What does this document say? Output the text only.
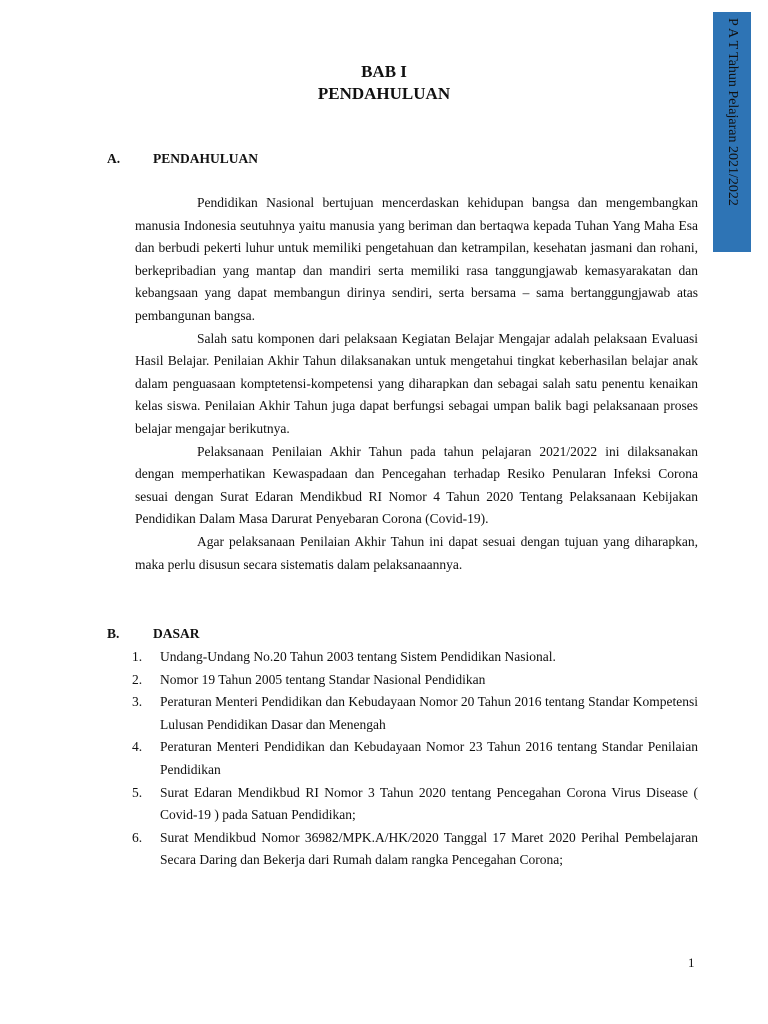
P A T Tahun Pelajaran 2021/2022
BAB I
PENDAHULUAN
A. PENDAHULUAN

Pendidikan Nasional bertujuan mencerdaskan kehidupan bangsa dan mengembangkan manusia Indonesia seutuhnya yaitu manusia yang beriman dan bertaqwa kepada Tuhan Yang Maha Esa dan berbudi pekerti luhur untuk memiliki pengetahuan dan ketrampilan, kesehatan jasmani dan rohani, berkepribadian yang mantap dan mandiri serta memiliki rasa tanggungjawab kemasyarakatan dan kebangsaan yang dapat membangun dirinya sendiri, serta bersama – sama bertanggungjawab atas pembangunan bangsa.

Salah satu komponen dari pelaksaan Kegiatan Belajar Mengajar adalah pelaksaan Evaluasi Hasil Belajar. Penilaian Akhir Tahun dilaksanakan untuk mengetahui tingkat keberhasilan belajar anak dalam penguasaan komptetensi-kompetensi yang diharapkan dan sebagai salah satu penentu kenaikan kelas siswa. Penilaian Akhir Tahun juga dapat berfungsi sebagai umpan balik bagi pelaksanaan proses belajar mengajar berikutnya.

Pelaksanaan Penilaian Akhir Tahun pada tahun pelajaran 2021/2022 ini dilaksanakan dengan memperhatikan Kewaspadaan dan Pencegahan terhadap Resiko Penularan Infeksi Corona sesuai dengan Surat Edaran Mendikbud RI Nomor 4 Tahun 2020 Tentang Pelaksanaan Kebijakan Pendidikan Dalam Masa Darurat Penyebaran Corona (Covid-19).

Agar pelaksanaan Penilaian Akhir Tahun ini dapat sesuai dengan tujuan yang diharapkan, maka perlu disusun secara sistematis dalam pelaksanaannya.

B. DASAR
1.	Undang-Undang No.20 Tahun 2003 tentang Sistem Pendidikan Nasional.
2.	Nomor 19 Tahun 2005 tentang Standar Nasional Pendidikan
3.	Peraturan Menteri Pendidikan dan Kebudayaan Nomor 20 Tahun 2016 tentang Standar Kompetensi Lulusan Pendidikan Dasar dan Menengah
4.	Peraturan Menteri Pendidikan dan Kebudayaan Nomor 23 Tahun 2016 tentang Standar Penilaian Pendidikan
5.	Surat Edaran Mendikbud RI Nomor 3 Tahun 2020 tentang Pencegahan Corona Virus Disease ( Covid-19 ) pada Satuan Pendidikan;
6.	Surat Mendikbud Nomor 36982/MPK.A/HK/2020 Tanggal 17 Maret 2020 Perihal Pembelajaran Secara Daring dan Bekerja dari Rumah dalam rangka Pencegahan Corona;
1
